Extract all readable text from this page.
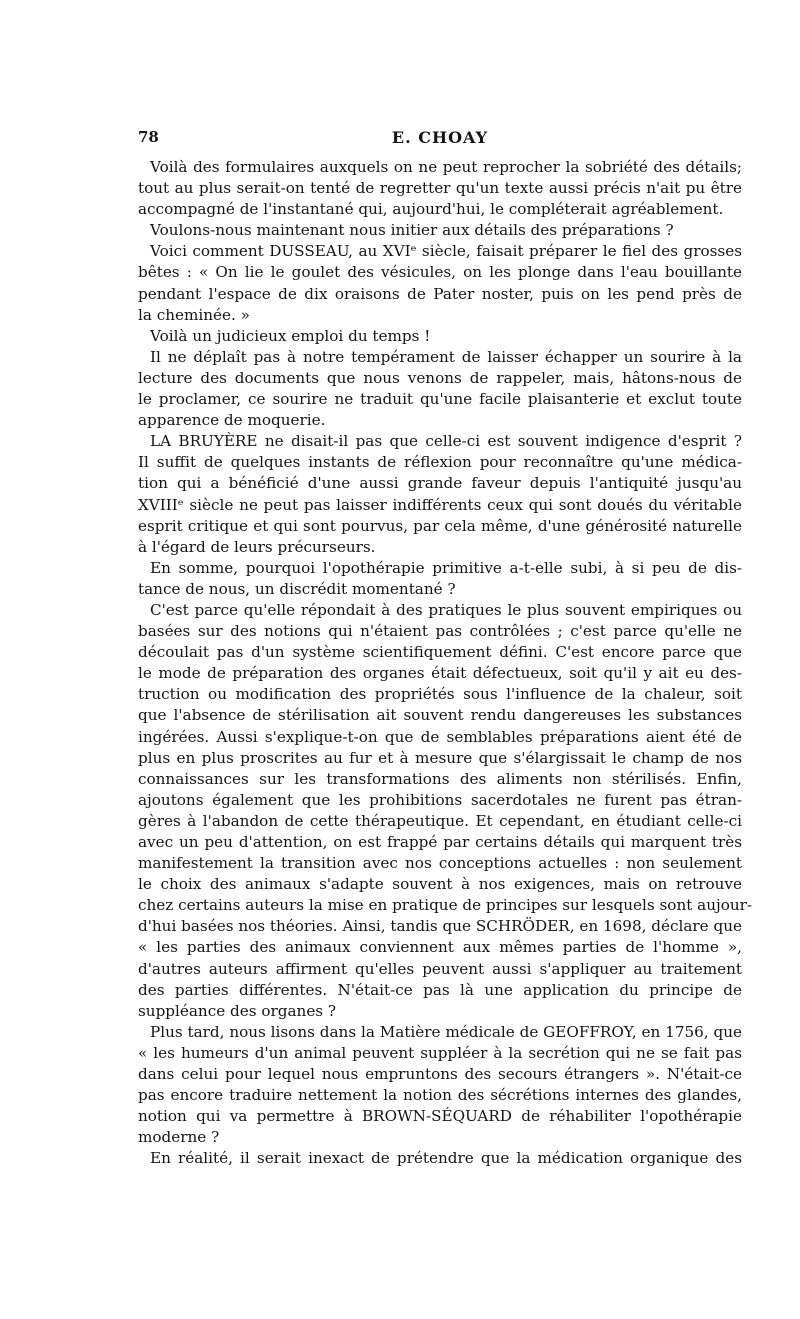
78	E. CHOAY
Voilà des formulaires auxquels on ne peut reprocher la sobriété des détails;
tout au plus serait-on tenté de regretter qu'un texte aussi précis n'ait pu être
accompagné de l'instantané qui, aujourd'hui, le compléterait agréablement.
Voulons-nous maintenant nous initier aux détails des préparations ?
Voici comment DUSSEAU, au XVIᵉ siècle, faisait préparer le fiel des grosses
bêtes : « On lie le goulet des vésicules, on les plonge dans l'eau bouillante
pendant l'espace de dix oraisons de Pater noster, puis on les pend près de
la cheminée. »
Voilà un judicieux emploi du temps !
Il ne déplaît pas à notre tempérament de laisser échapper un sourire à la
lecture des documents que nous venons de rappeler, mais, hâtons-nous de
le proclamer, ce sourire ne traduit qu'une facile plaisanterie et exclut toute
apparence de moquerie.
LA BRUYÈRE ne disait-il pas que celle-ci est souvent indigence d'esprit ?
Il suffit de quelques instants de réflexion pour reconnaître qu'une médica-
tion qui a bénéficié d'une aussi grande faveur depuis l'antiquité jusqu'au
XVIIIᵉ siècle ne peut pas laisser indifférents ceux qui sont doués du véritable
esprit critique et qui sont pourvus, par cela même, d'une générosité naturelle
à l'égard de leurs précurseurs.
En somme, pourquoi l'opothérapie primitive a-t-elle subi, à si peu de dis-
tance de nous, un discrédit momentané ?
C'est parce qu'elle répondait à des pratiques le plus souvent empiriques ou
basées sur des notions qui n'étaient pas contrôlées ; c'est parce qu'elle ne
découlait pas d'un système scientifiquement défini. C'est encore parce que
le mode de préparation des organes était défectueux, soit qu'il y ait eu des-
truction ou modification des propriétés sous l'influence de la chaleur, soit
que l'absence de stérilisation ait souvent rendu dangereuses les substances
ingérées. Aussi s'explique-t-on que de semblables préparations aient été de
plus en plus proscrites au fur et à mesure que s'élargissait le champ de nos
connaissances sur les transformations des aliments non stérilisés. Enfin,
ajoutons également que les prohibitions sacerdotales ne furent pas étran-
gères à l'abandon de cette thérapeutique. Et cependant, en étudiant celle-ci
avec un peu d'attention, on est frappé par certains détails qui marquent très
manifestement la transition avec nos conceptions actuelles : non seulement
le choix des animaux s'adapte souvent à nos exigences, mais on retrouve
chez certains auteurs la mise en pratique de principes sur lesquels sont aujour-
d'hui basées nos théories. Ainsi, tandis que SCHRÖDER, en 1698, déclare que
« les parties des animaux conviennent aux mêmes parties de l'homme »,
d'autres auteurs affirment qu'elles peuvent aussi s'appliquer au traitement
des parties différentes. N'était-ce pas là une application du principe de
suppléance des organes ?
Plus tard, nous lisons dans la Matière médicale de GEOFFROY, en 1756, que
« les humeurs d'un animal peuvent suppléer à la secrétion qui ne se fait pas
dans celui pour lequel nous empruntons des secours étrangers ». N'était-ce
pas encore traduire nettement la notion des sécrétions internes des glandes,
notion qui va permettre à BROWN-SÉQUARD de réhabiliter l'opothérapie
moderne ?
En réalité, il serait inexact de prétendre que la médication organique des
